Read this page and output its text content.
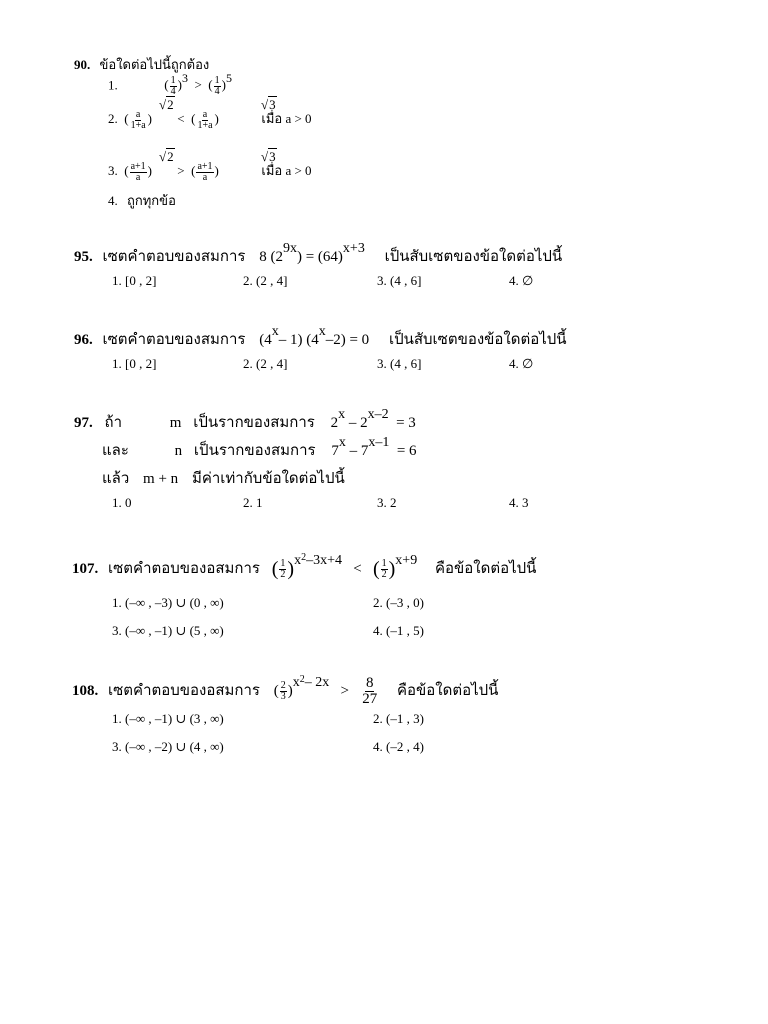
90. ข้อใดต่อไปนี้ถูกต้อง
1.	( $\frac{1}{4} )3$ >  ( $\frac{1}{4} )5$
2.
√2	√3
( $\frac{a}{1+a}$ ) <  ( $\frac{a}{1+a}$ )	เมื่อ a > 0
3.
√2	√3
( $\frac{a+1}{a}$ ) >  ( $\frac{a+1}{a}$ )	เมื่อ a > 0
4. ถูกทุกข้อ
95. เซตคำตอบของสมการ 8 (29x) = (64)x+3 เป็นสับเซตของข้อใดต่อไปนี้
1. [0 , 2]	2. (2 , 4]	3. (4 , 6]	4. ∅
96. เซตคำตอบของสมการ (4x– 1) (4x–2) = 0 เป็นสับเซตของข้อใดต่อไปนี้
1. [0 , 2]	2. (2 , 4]	3. (4 , 6]	4. ∅
97. ถ้า	m เป็นรากของสมการ 2x – 2x–2  = 3
และ	n เป็นรากของสมการ 7x – 7x–1  = 6
แล้ว m + n มีค่าเท่ากับข้อใดต่อไปนี้
1. 0	2. 1	3. 2	4. 3
107. เซตคำตอบของอสมการ ( $\frac{1}{2} )x^2-3x+4$   < ( $\frac{1}{2} )x+9$ คือข้อใดต่อไปนี้
1. (–∞ , –3) ∪ (0 , ∞)	2. (–3 , 0)
3. (–∞ , –1) ∪ (5 , ∞)	4. (–1 , 5)
108. เซตคำตอบของอสมการ ( $\frac{2}{3} )x^2-$ $2x > \frac{8}{27}$ คือข้อใดต่อไปนี้
1. (–∞ , –1) ∪ (3 , ∞)	2. (–1 , 3)
3. (–∞ , –2) ∪ (4 , ∞)	4. (–2 , 4)
